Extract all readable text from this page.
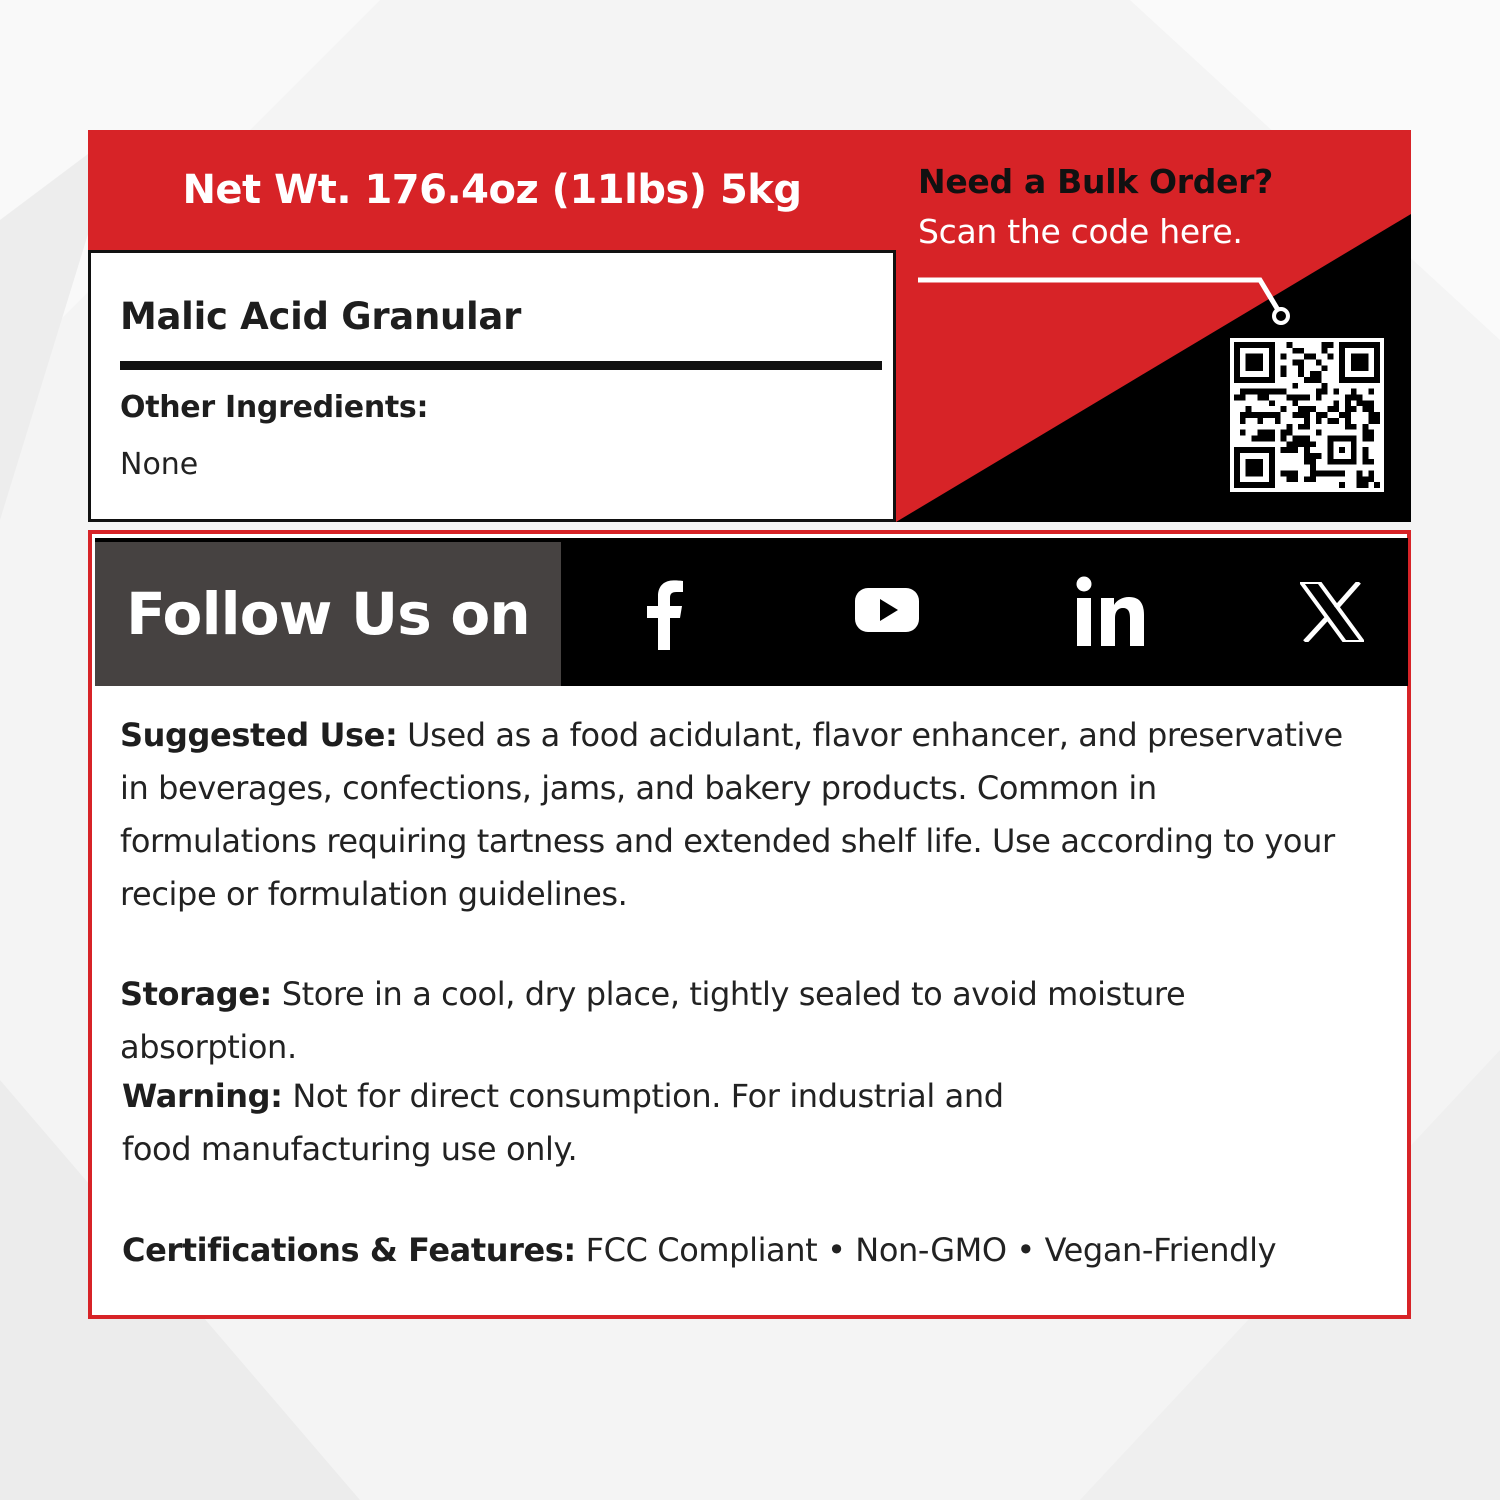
Net Wt. 176.4oz (11lbs) 5kg
Malic Acid Granular
Other Ingredients:
None
Need a Bulk Order?
Scan the code here.
Follow Us on

Suggested Use: Used as a food acidulant, flavor enhancer, and preservative in beverages, confections, jams, and bakery products. Common in formulations requiring tartness and extended shelf life. Use according to your recipe or formulation guidelines.

Storage: Store in a cool, dry place, tightly sealed to avoid moisture absorption.

Warning: Not for direct consumption. For industrial and food manufacturing use only.

Certifications & Features: FCC Compliant • Non-GMO • Vegan-Friendly
